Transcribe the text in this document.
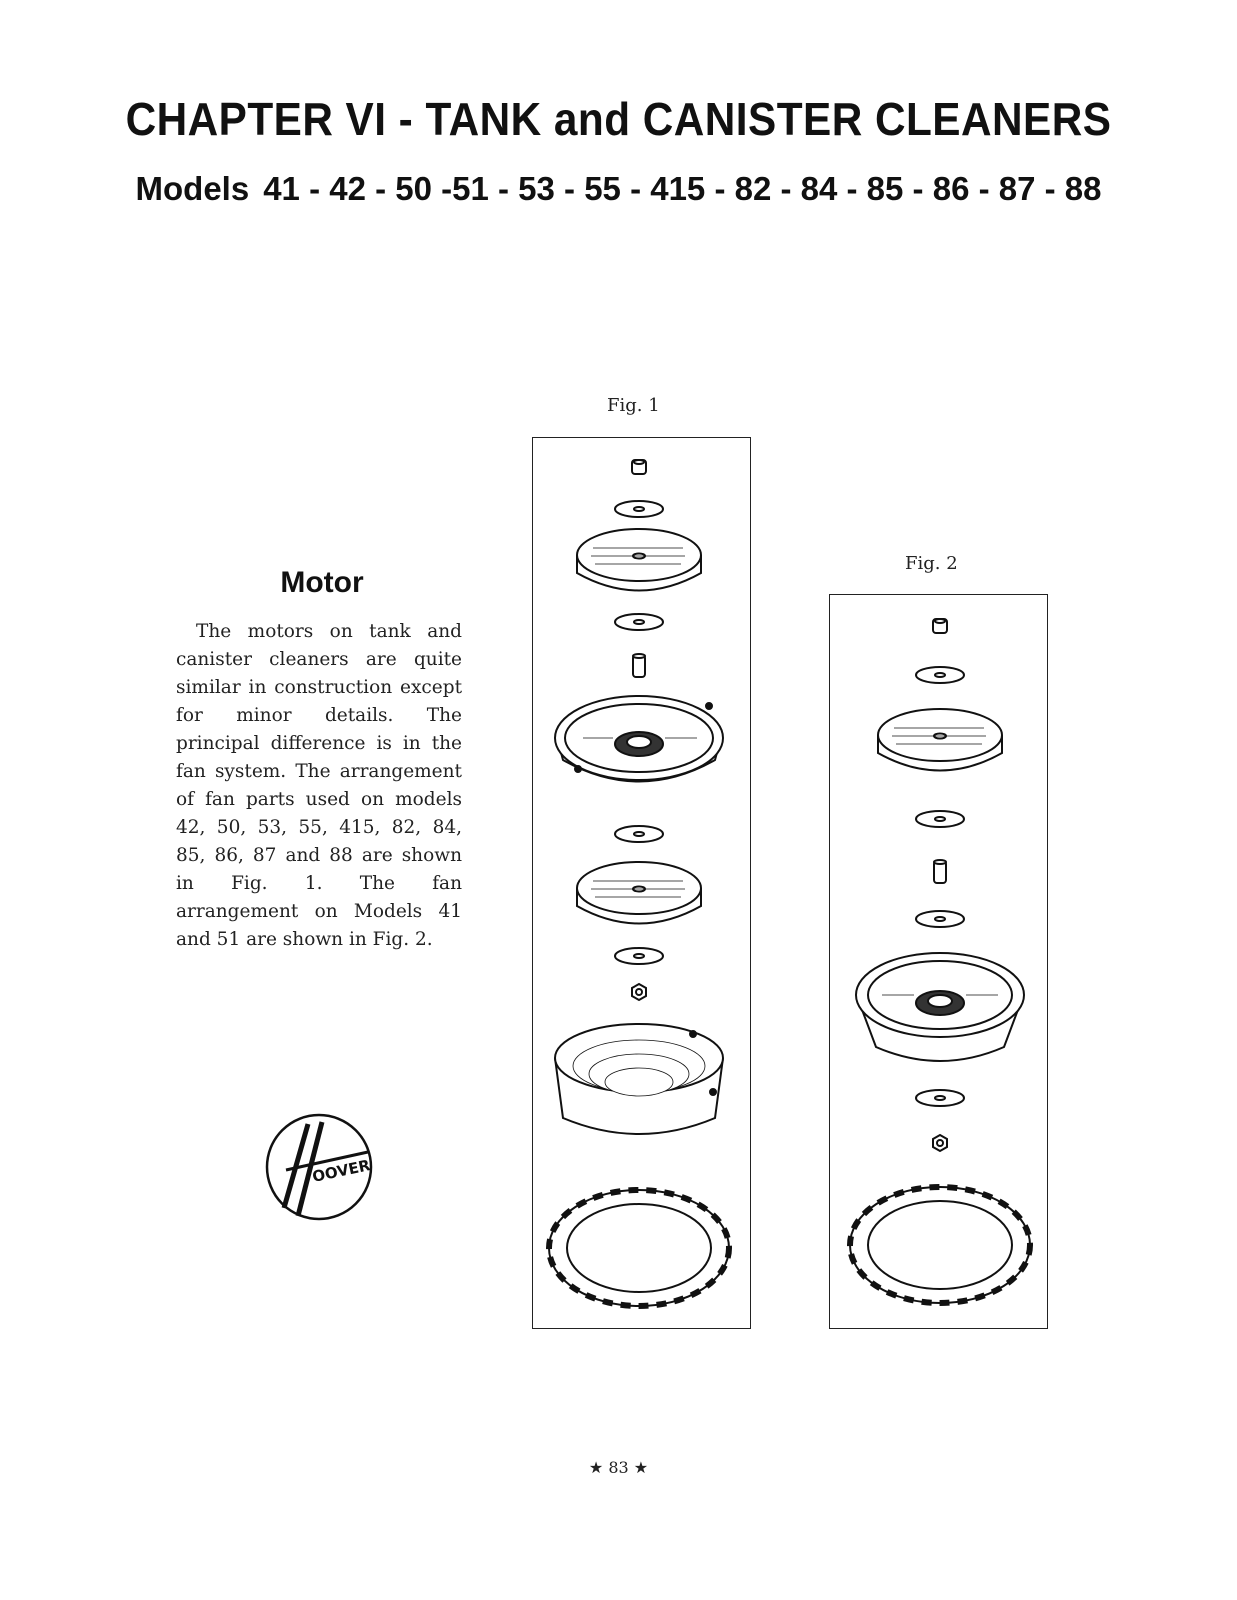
CHAPTER VI - TANK and CANISTER CLEANERS
Models 41 - 42 - 50 -51 - 53 - 55 - 415 - 82 - 84 - 85 - 86 - 87 - 88
Motor

The motors on tank and canister cleaners are quite similar in construction except for minor details. The principal difference is in the fan system. The arrangement of fan parts used on models 42, 50, 53, 55, 415, 82, 84, 85, 86, 87 and 88 are shown in Fig. 1. The fan arrangement on Models 41 and 51 are shown in Fig. 2.

Fig. 1
Fig. 2
OOVER
★ 83 ★
